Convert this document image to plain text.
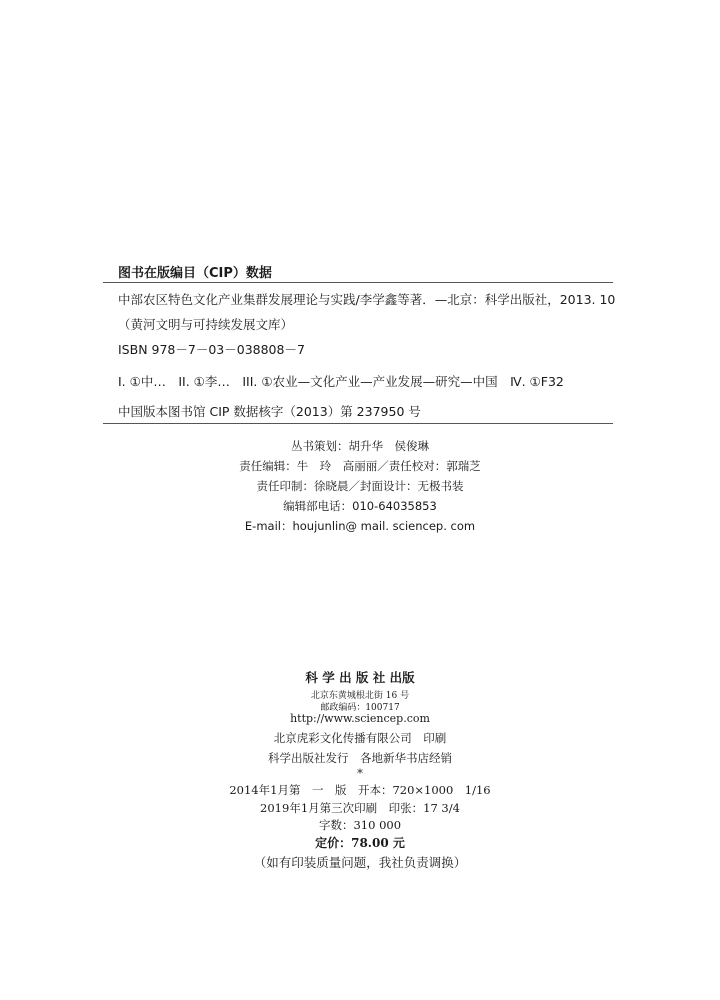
图书在版编目（CIP）数据
中部农区特色文化产业集群发展理论与实践/李学鑫等著．—北京：科学出版社，2013. 10
（黄河文明与可持续发展文库）
ISBN 978－7－03－038808－7
I. ①中…　II. ①李…　III. ①农业—文化产业—产业发展—研究—中国　Ⅳ. ①F32
中国版本图书馆 CIP 数据核字（2013）第 237950 号
丛书策划：胡升华　侯俊琳
责任编辑：牛　玲　高丽丽／责任校对：郭瑞芝
责任印制：徐晓晨／封面设计：无极书装
编辑部电话：010-64035853
E-mail：houjunlin@ mail. sciencep. com
科 学 出 版 社 出版
北京东黄城根北街 16 号
邮政编码：100717
http://www.sciencep.com
北京虎彩文化传播有限公司　印刷
科学出版社发行　各地新华书店经销
*
2014年1月第　一　版　开本：720×1000　1/16
2019年1月第三次印刷　印张：17 3/4
字数：310 000
定价：78.00 元
（如有印装质量问题，我社负责调换）
